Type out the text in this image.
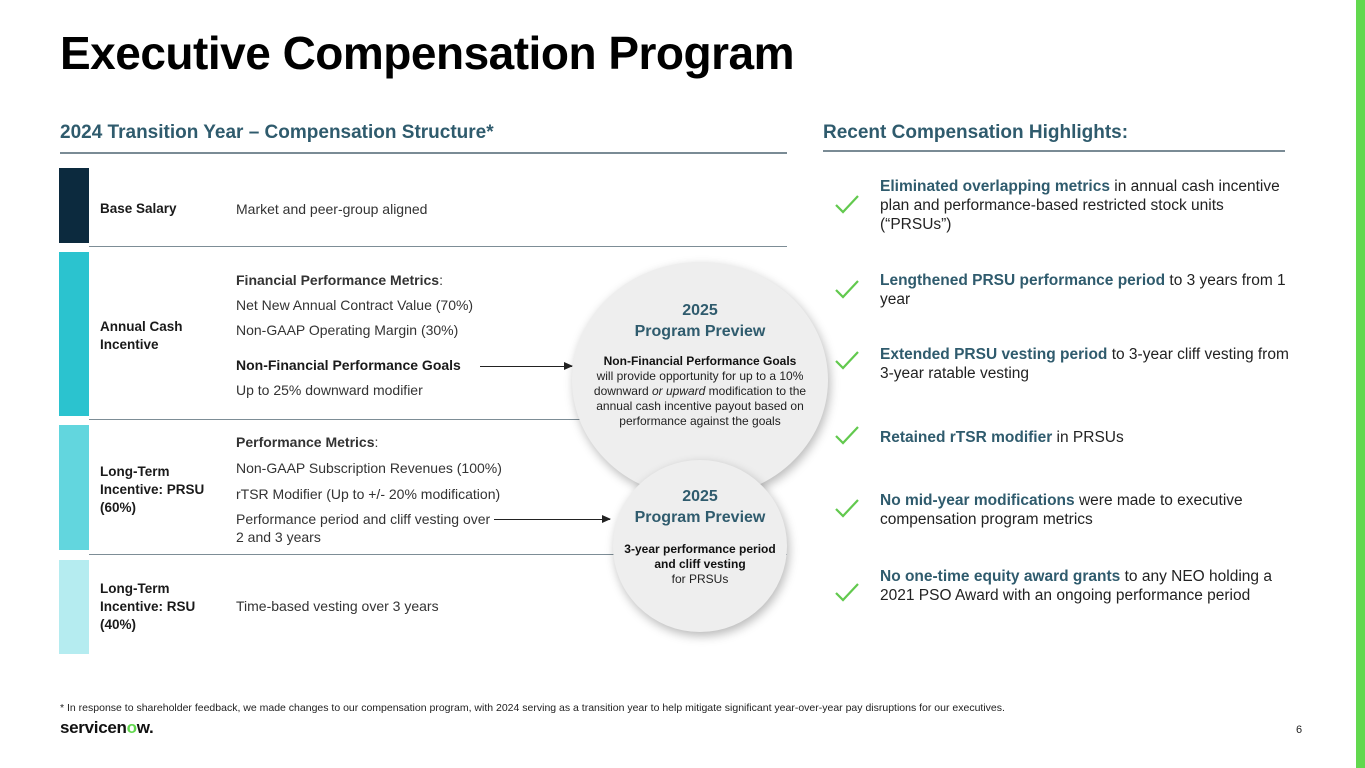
Executive Compensation Program
2024 Transition Year – Compensation Structure*
Base Salary	Market and peer-group aligned
Annual Cash Incentive
Financial Performance Metrics:
Net New Annual Contract Value (70%)
Non-GAAP Operating Margin (30%)
Non-Financial Performance Goals
Up to 25% downward modifier
Long-Term Incentive: PRSU (60%)
Performance Metrics:
Non-GAAP Subscription Revenues (100%)
rTSR Modifier (Up to +/- 20% modification)
Performance period and cliff vesting over 2 and 3 years
Long-Term Incentive: RSU (40%)
Time-based vesting over 3 years
2025
Program Preview
Non-Financial Performance Goals
will provide opportunity for up to a 10% downward or upward modification to the annual cash incentive payout based on performance against the goals
2025
Program Preview
3-year performance period and cliff vesting
for PRSUs
Recent Compensation Highlights:
Eliminated overlapping metrics in annual cash incentive plan and performance-based restricted stock units (“PRSUs”)
Lengthened PRSU performance period to 3 years from 1 year
Extended PRSU vesting period to 3-year cliff vesting from 3-year ratable vesting
Retained rTSR modifier in PRSUs
No mid-year modifications were made to executive compensation program metrics
No one-time equity award grants to any NEO holding a 2021 PSO Award with an ongoing performance period
* In response to shareholder feedback, we made changes to our compensation program, with 2024 serving as a transition year to help mitigate significant year-over-year pay disruptions for our executives.
servicenow.	6
